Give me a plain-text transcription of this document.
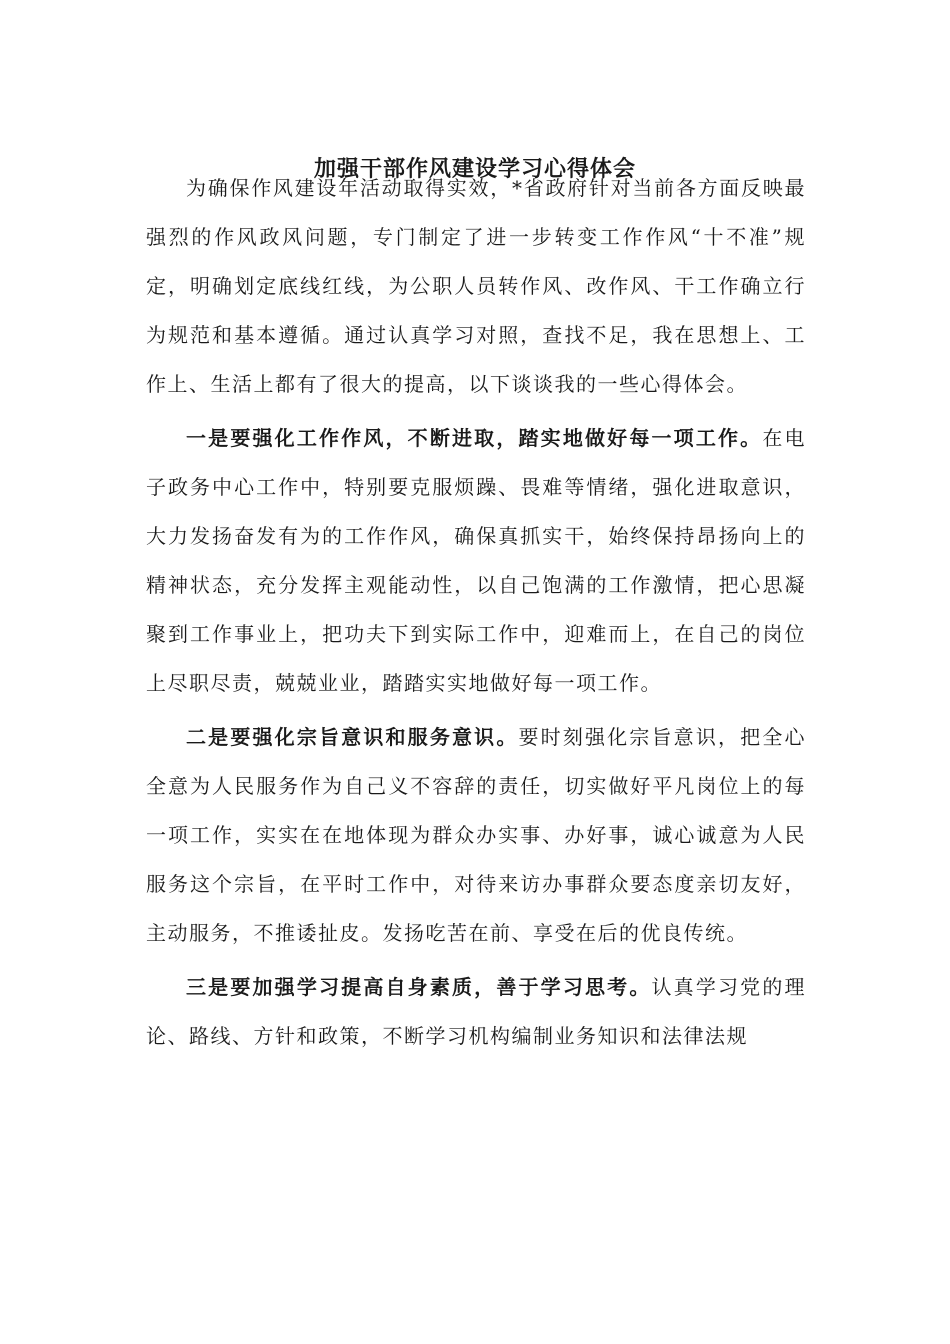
加强干部作风建设学习心得体会

为确保作风建设年活动取得实效，*省政府针对当前各方面反映最强烈的作风政风问题，专门制定了进一步转变工作作风“十不准”规定，明确划定底线红线，为公职人员转作风、改作风、干工作确立行为规范和基本遵循。通过认真学习对照，查找不足，我在思想上、工作上、生活上都有了很大的提高，以下谈谈我的一些心得体会。

一是要强化工作作风，不断进取，踏实地做好每一项工作。在电子政务中心工作中，特别要克服烦躁、畏难等情绪，强化进取意识，大力发扬奋发有为的工作作风，确保真抓实干，始终保持昂扬向上的精神状态，充分发挥主观能动性，以自己饱满的工作激情，把心思凝聚到工作事业上，把功夫下到实际工作中，迎难而上，在自己的岗位上尽职尽责，兢兢业业，踏踏实实地做好每一项工作。

二是要强化宗旨意识和服务意识。要时刻强化宗旨意识，把全心全意为人民服务作为自己义不容辞的责任，切实做好平凡岗位上的每一项工作，实实在在地体现为群众办实事、办好事，诚心诚意为人民服务这个宗旨，在平时工作中，对待来访办事群众要态度亲切友好，主动服务，不推诿扯皮。发扬吃苦在前、享受在后的优良传统。

三是要加强学习提高自身素质，善于学习思考。认真学习党的理论、路线、方针和政策，不断学习机构编制业务知识和法律法规
